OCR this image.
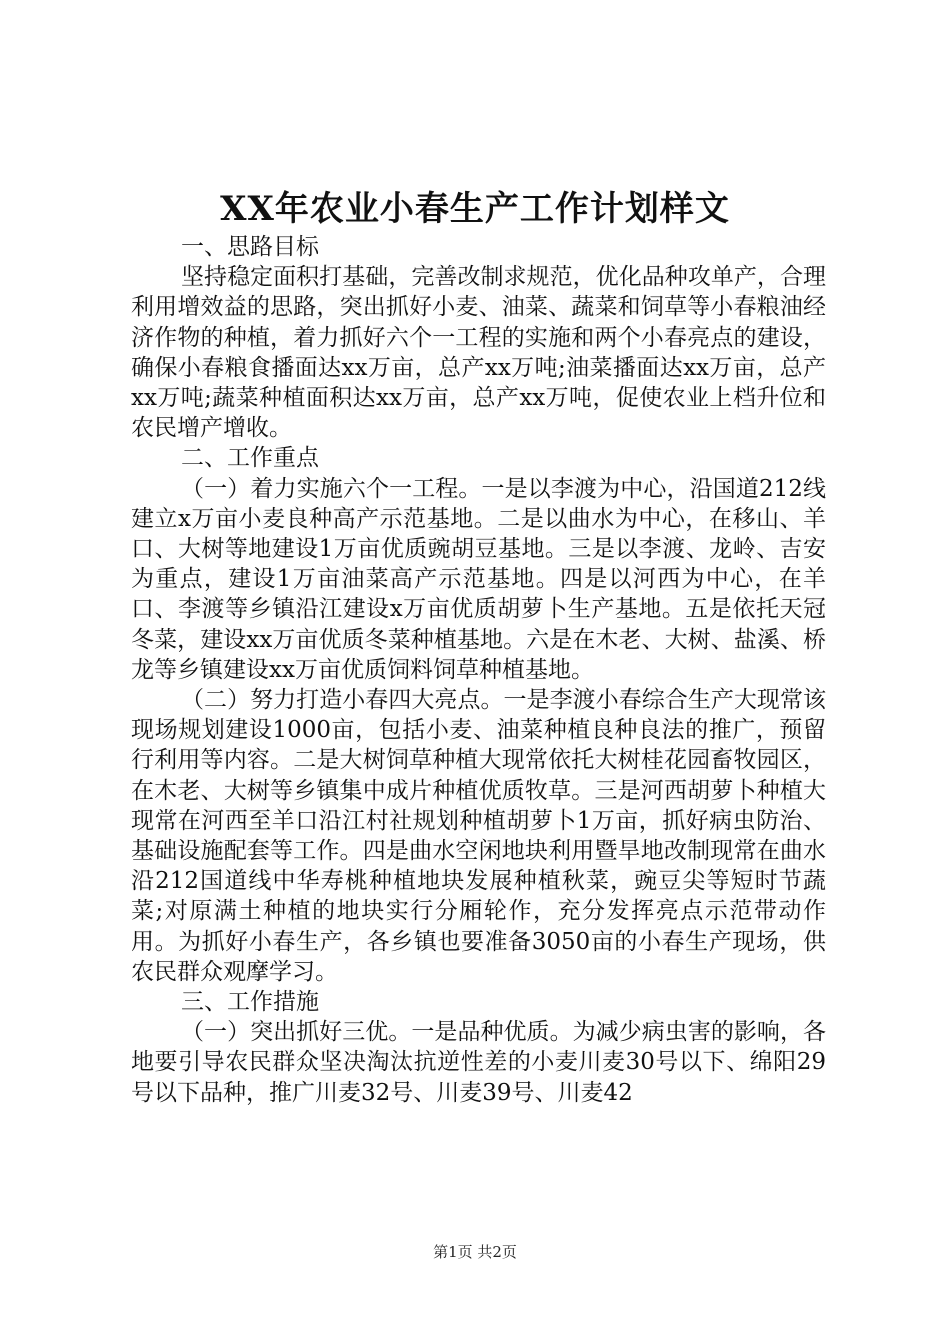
XX年农业小春生产工作计划样文

一、思路目标

坚持稳定面积打基础，完善改制求规范，优化品种攻单产，合理利用增效益的思路，突出抓好小麦、油菜、蔬菜和饲草等小春粮油经济作物的种植，着力抓好六个一工程的实施和两个小春亮点的建设，确保小春粮食播面达xx万亩，总产xx万吨;油菜播面达xx万亩，总产xx万吨;蔬菜种植面积达xx万亩，总产xx万吨，促使农业上档升位和农民增产增收。

二、工作重点

（一）着力实施六个一工程。一是以李渡为中心，沿国道212线建立x万亩小麦良种高产示范基地。二是以曲水为中心，在移山、羊口、大树等地建设1万亩优质豌胡豆基地。三是以李渡、龙岭、吉安为重点，建设1万亩油菜高产示范基地。四是以河西为中心，在羊口、李渡等乡镇沿江建设x万亩优质胡萝卜生产基地。五是依托天冠冬菜，建设xx万亩优质冬菜种植基地。六是在木老、大树、盐溪、桥龙等乡镇建设xx万亩优质饲料饲草种植基地。

（二）努力打造小春四大亮点。一是李渡小春综合生产大现常该现场规划建设1000亩，包括小麦、油菜种植良种良法的推广，预留行利用等内容。二是大树饲草种植大现常依托大树桂花园畜牧园区，在木老、大树等乡镇集中成片种植优质牧草。三是河西胡萝卜种植大现常在河西至羊口沿江村社规划种植胡萝卜1万亩，抓好病虫防治、基础设施配套等工作。四是曲水空闲地块利用暨旱地改制现常在曲水沿212国道线中华寿桃种植地块发展种植秋菜，豌豆尖等短时节蔬菜;对原满土种植的地块实行分厢轮作，充分发挥亮点示范带动作用。为抓好小春生产，各乡镇也要准备3050亩的小春生产现场，供农民群众观摩学习。

三、工作措施

（一）突出抓好三优。一是品种优质。为减少病虫害的影响，各地要引导农民群众坚决淘汰抗逆性差的小麦川麦30号以下、绵阳29号以下品种，推广川麦32号、川麦39号、川麦42

第1页 共2页
